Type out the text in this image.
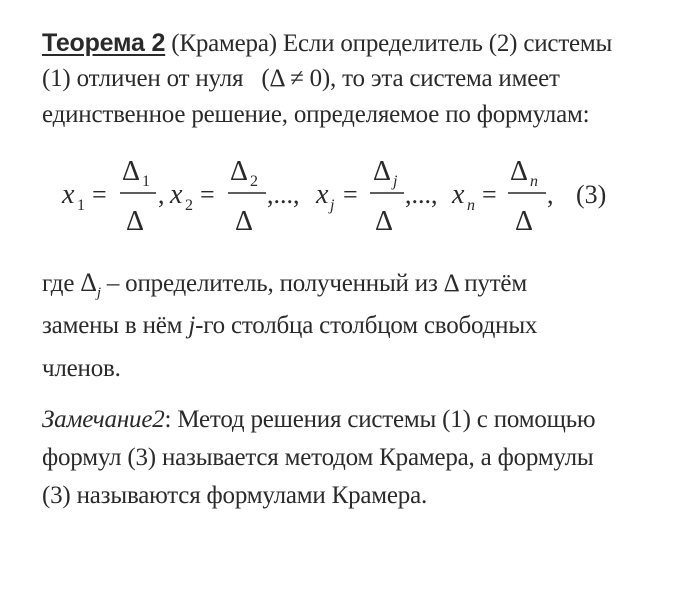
Теорема 2 (Крамера) Если определитель (2) системы
(1) отличен от нуля (Δ ≠ 0), то эта система имеет
единственное решение, определяемое по формулам:
x 1 =
Δ 1
Δ
, x 2 =
Δ 2
Δ
,..., x j =
Δ j
Δ
,..., x n =
Δ n
Δ
, (3)
где $\Delta_j$ – определитель, полученный из Δ путём
замены в нём j-го столбца столбцом свободных
членов.
Замечание2: Метод решения системы (1) с помощью
формул (3) называется методом Крамера, а формулы
(3) называются формулами Крамера.
